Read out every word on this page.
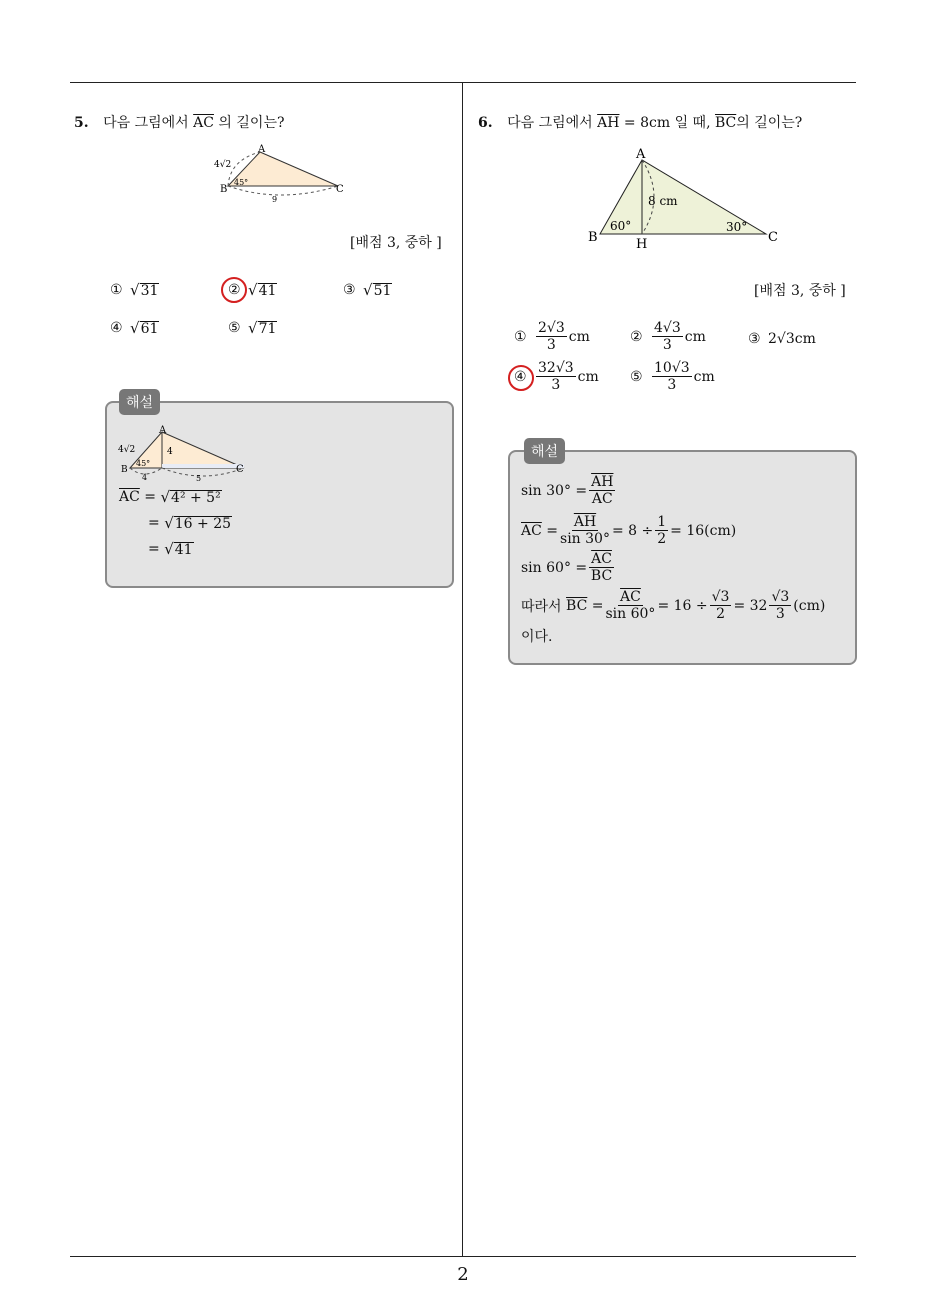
2
5. 다음 그림에서 $\overline{AC}$ 의 길이는?
A
B	C
4√2
45°
9
[배점 3, 중하 ]
① √ 31	② √ 41	③ √ 51
④ √ 61	⑤ √ 71
해설
A
B	C
4√2
45°
4
4	5
$\overline{AC}$ = √ 4² + 5²
= √ 16 + 25
= √ 41
6. 다음 그림에서 $\overline{AH} = 8cm$ 일 때, $\overline{BC}$의 길이는?
A
B	C
H
8 cm
60°	30°
[배점 3, 중하 ]
① $\frac{2√3}{3}$ cm	② $\frac{4√3}{3}$ cm	③ 2√3cm
④ $\frac{32√3}{3}$ cm ⑤ $\frac{10√3}{3}$ cm
해설
$\sin 30^\circ = \frac{\overline{AH}}{AC}$
$\overline{AC} = \frac{\overline{AH}}{\sin 30^\circ} = 8 \div \frac{1}{2} = 16(cm)$
$\sin 60^\circ = \frac{\overline{AC}}{BC}$
따라서
$\overline{BC} = \frac{\overline{AC}}{\sin 60^\circ} = 16 \div \frac{√3}{2} = 32 \frac{√3}{3} (cm)$
이다.
